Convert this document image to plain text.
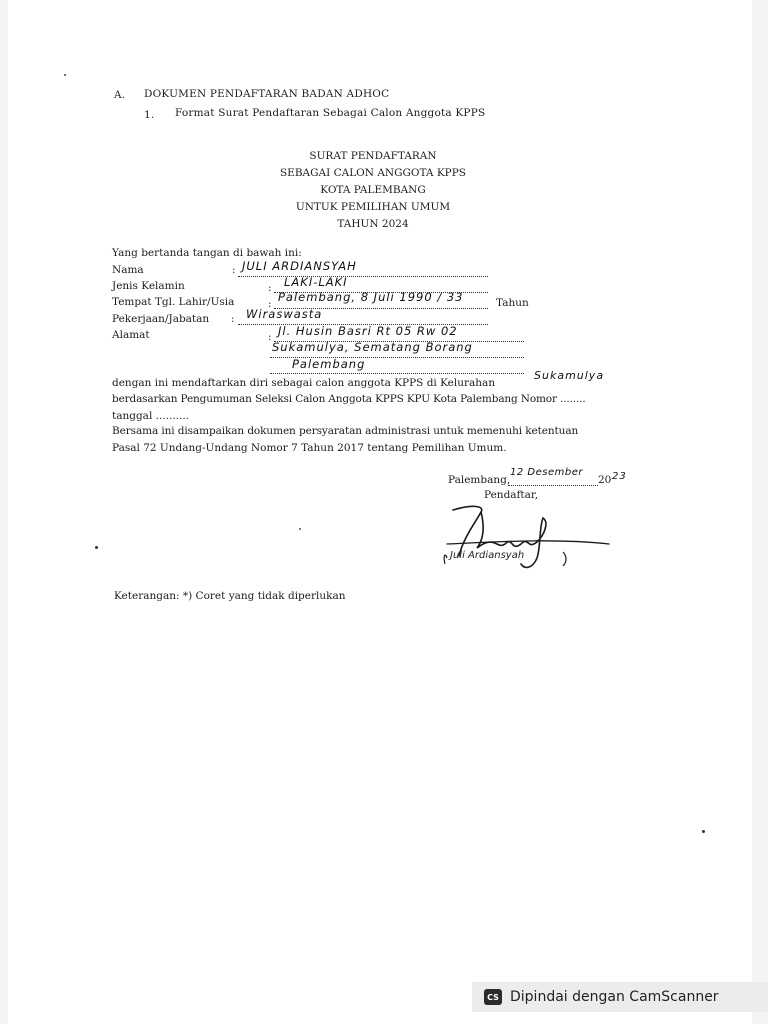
A. DOKUMEN PENDAFTARAN BADAN ADHOC
1. Format Surat Pendaftaran Sebagai Calon Anggota KPPS
SURAT PENDAFTARAN
SEBAGAI CALON ANGGOTA KPPS
KOTA PALEMBANG
UNTUK PEMILIHAN UMUM
TAHUN 2024
Yang bertanda tangan di bawah ini:
Nama
Jenis Kelamin
Tempat Tgl. Lahir/Usia
Pekerjaan/Jabatan
Alamat
:
:
:
:
:
JULI ARDIANSYAH
LAKI-LAKI
Palembang, 8 Juli 1990 / 33	Tahun
Wiraswasta
Jl. Husin Basri Rt 05 Rw 02
Sukamulya, Sematang Borang
Palembang
dengan ini mendaftarkan diri sebagai calon anggota KPPS di Kelurahan
Sukamulya
berdasarkan Pengumuman Seleksi Calon Anggota KPPS KPU Kota Palembang Nomor ........
tanggal ..........
Bersama ini disampaikan dokumen persyaratan administrasi untuk memenuhi ketentuan
Pasal 72 Undang-Undang Nomor 7 Tahun 2017 tentang Pemilihan Umum.
Palembang,
12 Desember
20 23
Pendaftar,
Juli Ardiansyah
Keterangan: *) Coret yang tidak diperlukan
CS Dipindai dengan CamScanner
